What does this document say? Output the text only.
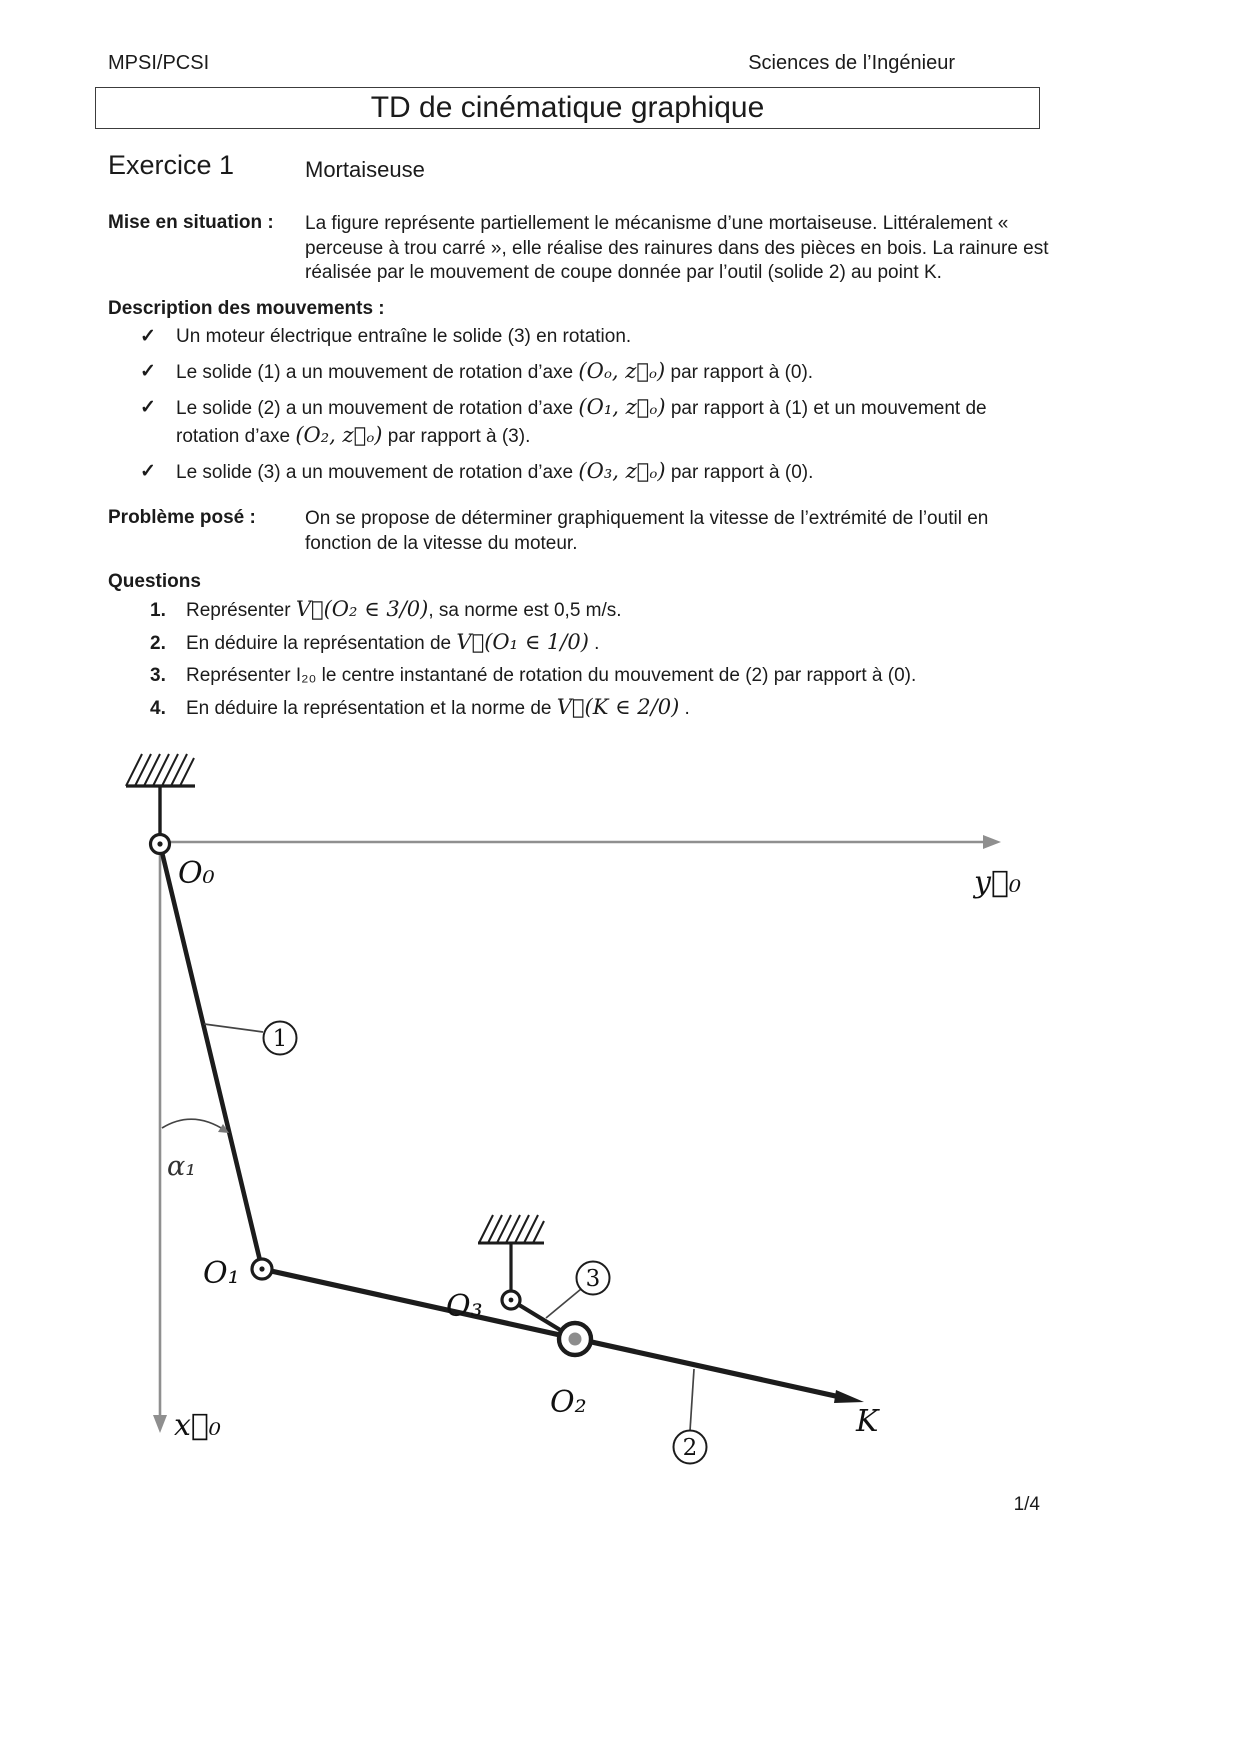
MPSI/PCSI	Sciences de l’Ingénieur
TD de cinématique graphique
Exercice 1	Mortaiseuse
Mise en situation : La figure représente partiellement le mécanisme d’une mortaiseuse. Littéralement « perceuse à trou carré », elle réalise des rainures dans des pièces en bois. La rainure est réalisée par le mouvement de coupe donnée par l’outil (solide 2) au point K.
Description des mouvements :
✓ Un moteur électrique entraîne le solide (3) en rotation.
✓ Le solide (1) a un mouvement de rotation d’axe (Oₒ, z⃗ₒ) par rapport à (0).
✓ Le solide (2) a un mouvement de rotation d’axe (O₁, z⃗ₒ) par rapport à (1) et un mouvement de rotation d’axe (O₂, z⃗ₒ) par rapport à (3).
✓ Le solide (3) a un mouvement de rotation d’axe (O₃, z⃗ₒ) par rapport à (0).
Problème posé :	On se propose de déterminer graphiquement la vitesse de l’extrémité de l’outil en fonction de la vitesse du moteur.
Questions
1. Représenter V⃗(O₂ ∈ 3/0), sa norme est 0,5 m/s.
2. En déduire la représentation de V⃗(O₁ ∈ 1/0) .
3. Représenter I₂₀ le centre instantané de rotation du mouvement de (2) par rapport à (0).
4. En déduire la représentation et la norme de V⃗(K ∈ 2/0) .
y⃗₀
x⃗₀
α₁
1
3
2
O₀
O₁
O₃
O₂
K
1/4
